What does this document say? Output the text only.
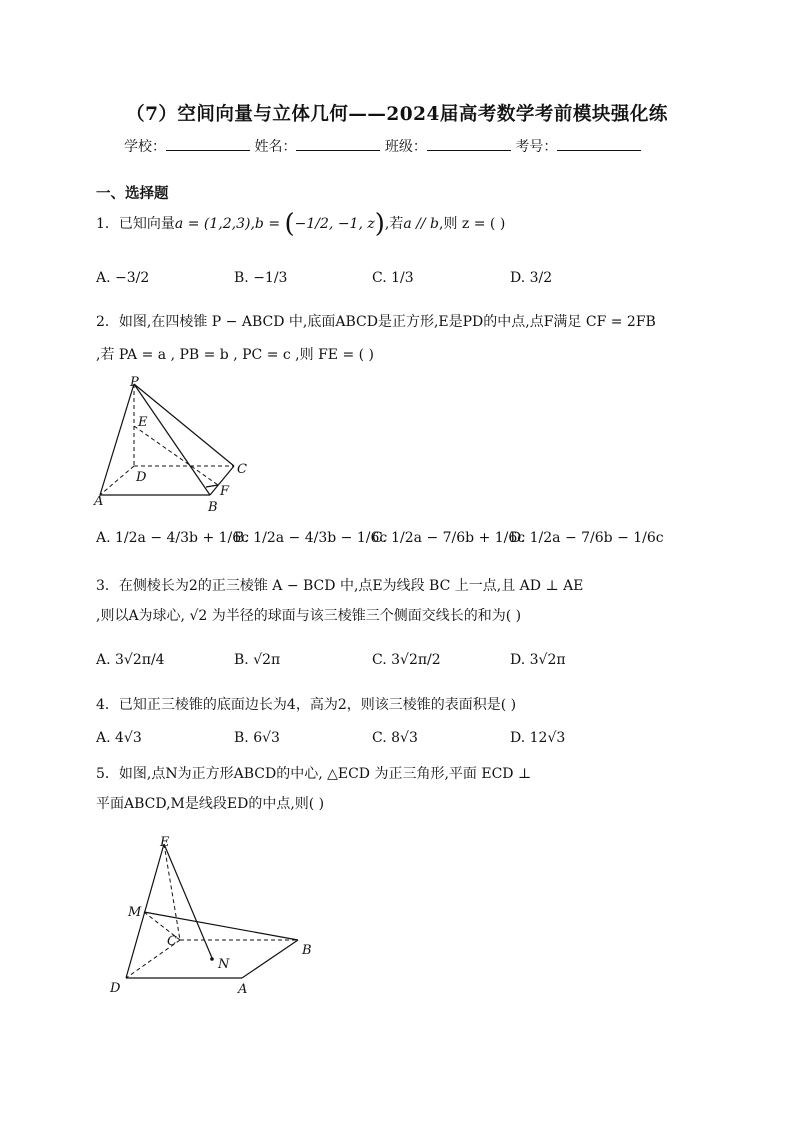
（7）空间向量与立体几何——2024届高考数学考前模块强化练
学校：	姓名：	班级：	考号：
一、选择题
1．已知向量a = (1,2,3),b = (−1/2, −1, z),若a // b,则 z = ( )
A. −3/2	B. −1/3	C. 1/3	D. 3/2
2．如图,在四棱锥 P − ABCD 中,底面ABCD是正方形,E是PD的中点,点F满足 CF = 2FB
,若 PA = a , PB = b , PC = c ,则 FE = ( )
P
E
D
C
A
F
B
A. 1/2a − 4/3b + 1/6c
B. 1/2a − 4/3b − 1/6c
C. 1/2a − 7/6b + 1/6c
D. 1/2a − 7/6b − 1/6c
3．在侧棱长为2的正三棱锥 A − BCD 中,点E为线段 BC 上一点,且 AD ⊥ AE
,则以A为球心, √2 为半径的球面与该三棱锥三个侧面交线长的和为( )
A. 3√2π/4	B. √2π	C. 3√2π/2	D. 3√2π
4．已知正三棱锥的底面边长为4，高为2，则该三棱锥的表面积是( )
A. 4√3	B. 6√3	C. 8√3	D. 12√3
5．如图,点N为正方形ABCD的中心, △ECD 为正三角形,平面 ECD ⊥
平面ABCD,M是线段ED的中点,则( )
E
M
C
B
N
D	A
